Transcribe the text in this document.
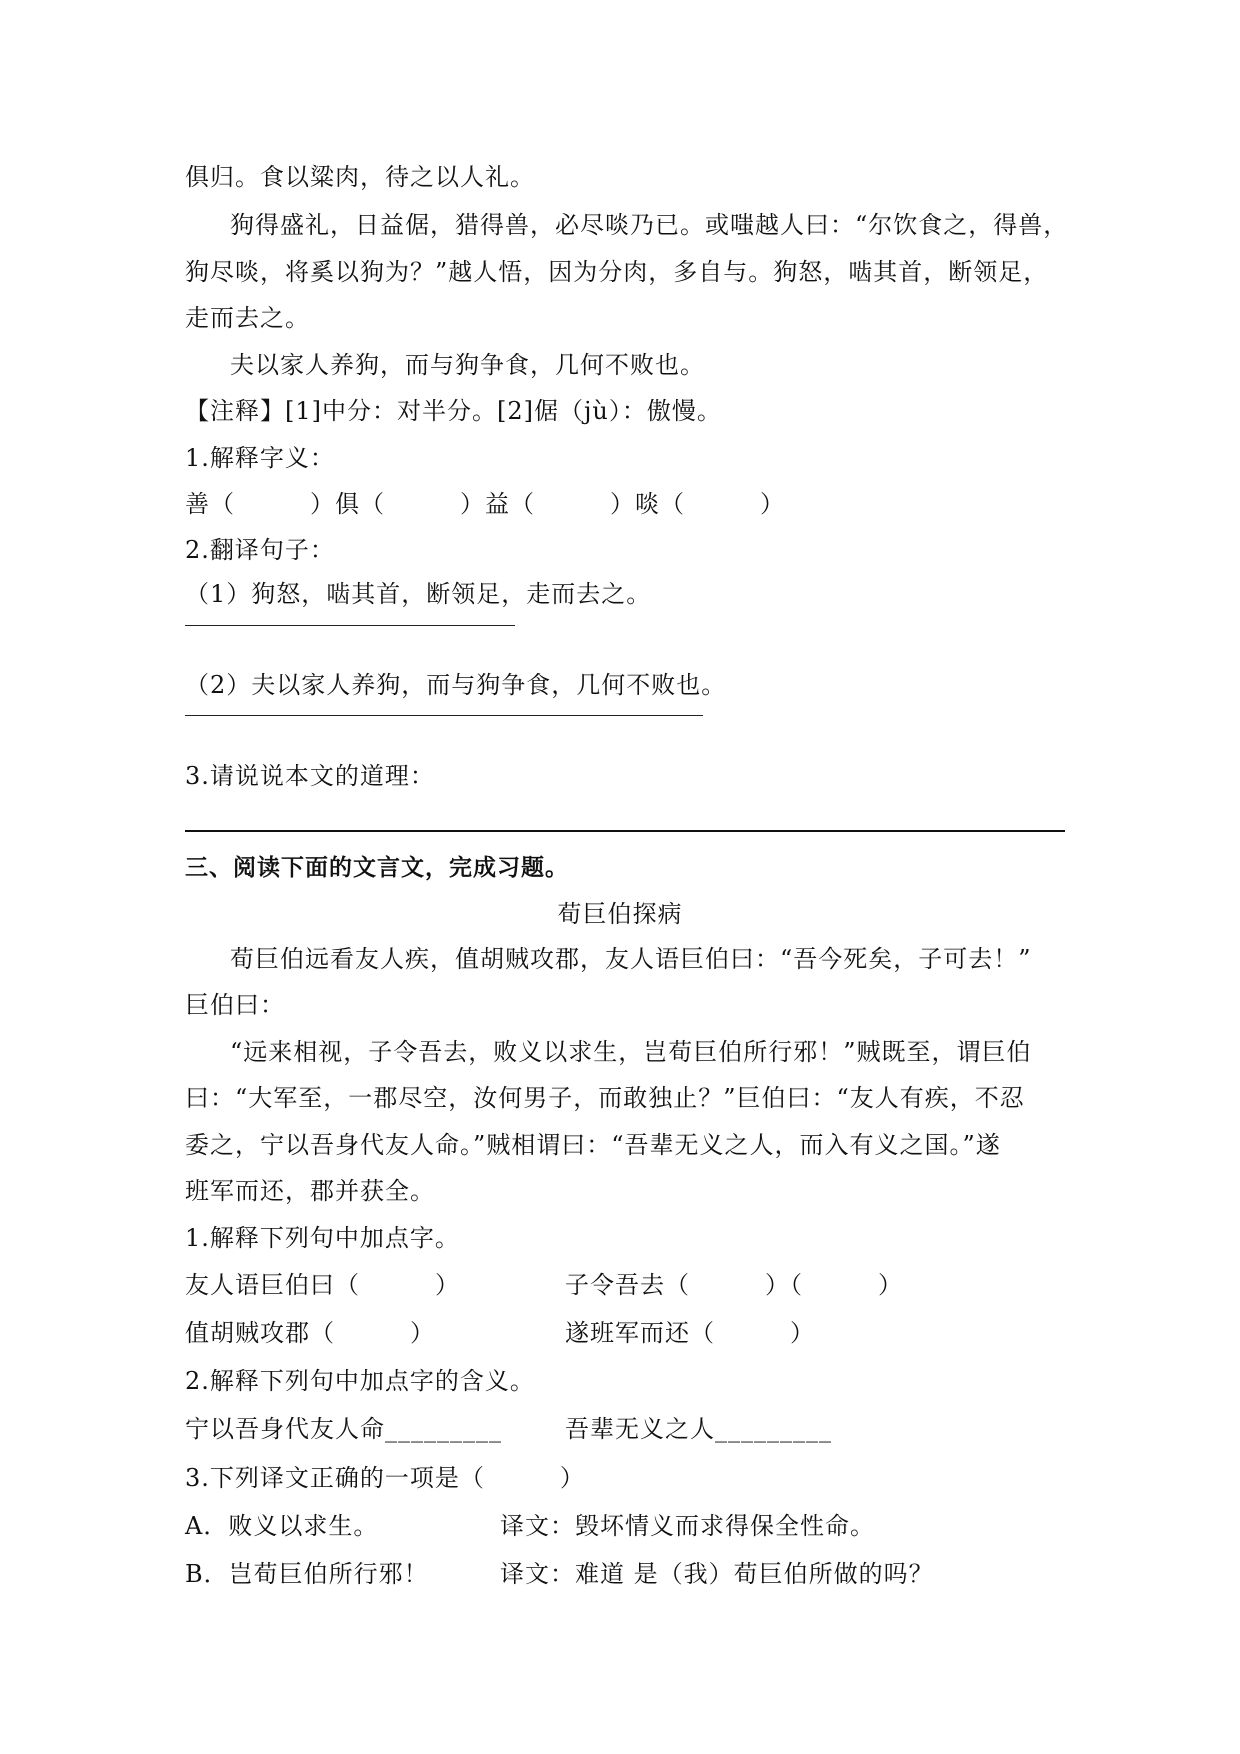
俱归。食以粱肉，待之以人礼。
狗得盛礼，日益倨，猎得兽，必尽啖乃已。或嗤越人曰：“尔饮食之，得兽，
狗尽啖，将奚以狗为？”越人悟，因为分肉，多自与。狗怒，啮其首，断领足，
走而去之。
夫以家人养狗，而与狗争食，几何不败也。
【注释】[1]中分：对半分。[2]倨（jù）：傲慢。
1.解释字义：
善（　　　）俱（　　　）益（　　　）啖（　　　）
2.翻译句子：
（1）狗怒，啮其首，断领足，走而去之。
（2）夫以家人养狗，而与狗争食，几何不败也。
3.请说说本文的道理：
三、阅读下面的文言文，完成习题。
荀巨伯探病
荀巨伯远看友人疾，值胡贼攻郡，友人语巨伯曰：“吾今死矣，子可去！”
巨伯曰：
“远来相视，子令吾去，败义以求生，岂荀巨伯所行邪！”贼既至，谓巨伯
曰：“大军至，一郡尽空，汝何男子，而敢独止？”巨伯曰：“友人有疾，不忍
委之，宁以吾身代友人命。”贼相谓曰：“吾辈无义之人，而入有义之国。”遂
班军而还，郡并获全。
1.解释下列句中加点字。
友人语巨伯曰（　　　）	子令吾去（　　　）（　　　）
值胡贼攻郡（　　　）	遂班军而还（　　　）
2.解释下列句中加点字的含义。
宁以吾身代友人命_________	吾辈无义之人_________
3.下列译文正确的一项是（　　　）
A．败义以求生。	译文：毁坏情义而求得保全性命。
B．岂荀巨伯所行邪！	译文：难道 是（我）荀巨伯所做的吗？
